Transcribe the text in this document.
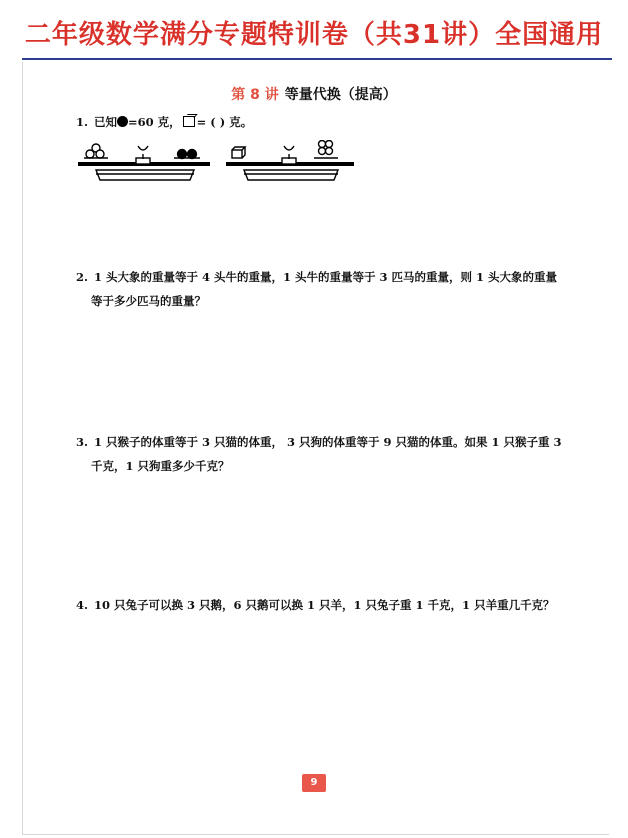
二年级数学满分专题特训卷（共31讲）全国通用
第 8 讲 等量代换（提高）
1. 已知 =60 克， = ( ) 克。
2. 1 头大象的重量等于 4 头牛的重量，1 头牛的重量等于 3 匹马的重量，则 1 头大象的重量
等于多少匹马的重量？
3. 1 只猴子的体重等于 3 只猫的体重， 3 只狗的体重等于 9 只猫的体重。如果 1 只猴子重 3
千克，1 只狗重多少千克？
4. 10 只兔子可以换 3 只鹅，6 只鹅可以换 1 只羊，1 只兔子重 1 千克，1 只羊重几千克？
9
